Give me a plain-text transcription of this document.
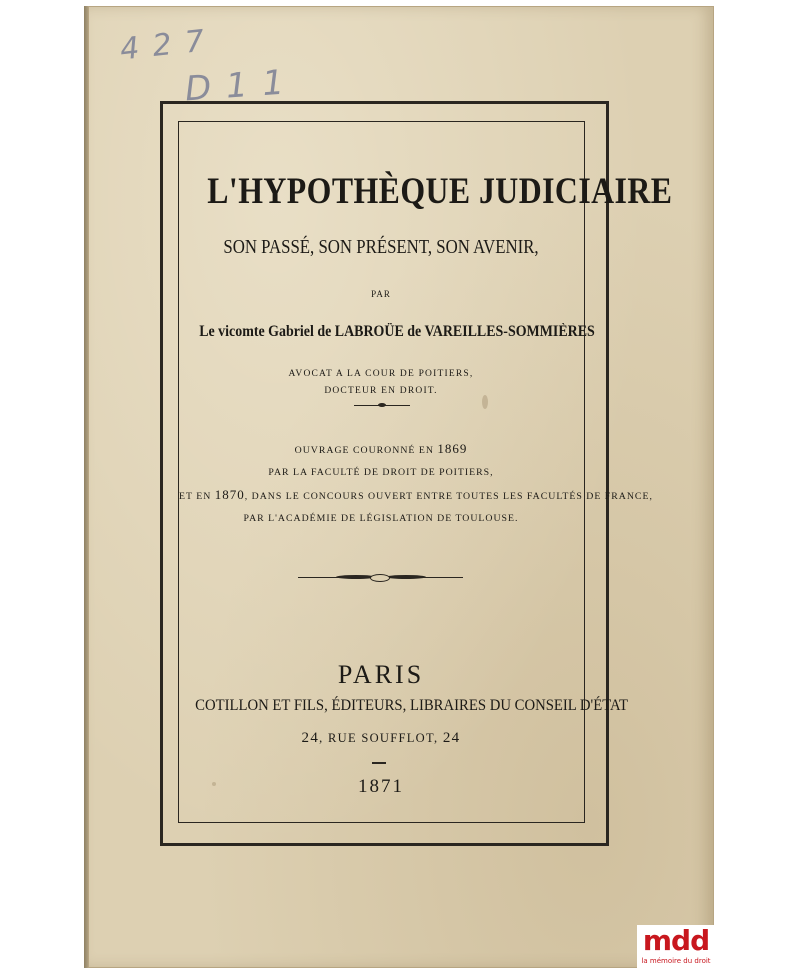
4 2 7
D 1 1
L'HYPOTHÈQUE JUDICIAIRE
SON PASSÉ, SON PRÉSENT, SON AVENIR,
PAR
Le vicomte Gabriel de LABROÜE de VAREILLES-SOMMIÈRES
AVOCAT A LA COUR DE POITIERS,
DOCTEUR EN DROIT.
OUVRAGE COURONNÉ EN 1869
PAR LA FACULTÉ DE DROIT DE POITIERS,
ET EN 1870, DANS LE CONCOURS OUVERT ENTRE TOUTES LES FACULTÉS DE FRANCE,
PAR L'ACADÉMIE DE LÉGISLATION DE TOULOUSE.
PARIS
COTILLON ET FILS, ÉDITEURS, LIBRAIRES DU CONSEIL D'ÉTAT
24, RUE SOUFFLOT, 24
1871
mdd
la mémoire du droit
